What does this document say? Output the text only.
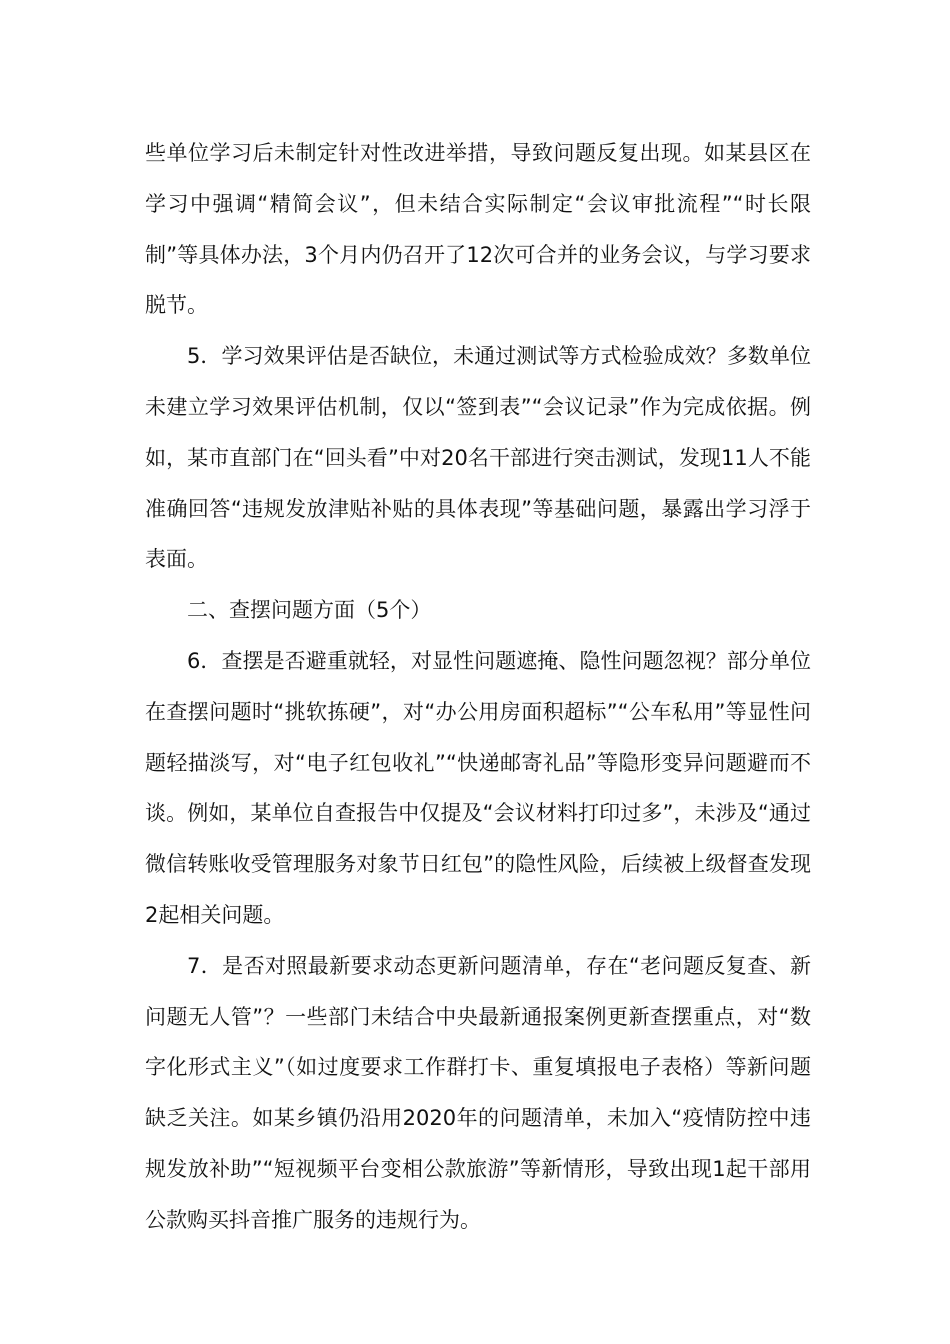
些单位学习后未制定针对性改进举措，导致问题反复出现。如某县区在学习中强调“精简会议”，但未结合实际制定“会议审批流程”“时长限制”等具体办法，3个月内仍召开了12次可合并的业务会议，与学习要求脱节。

5．学习效果评估是否缺位，未通过测试等方式检验成效？多数单位未建立学习效果评估机制，仅以“签到表”“会议记录”作为完成依据。例如，某市直部门在“回头看”中对20名干部进行突击测试，发现11人不能准确回答“违规发放津贴补贴的具体表现”等基础问题，暴露出学习浮于表面。

二、查摆问题方面（5个）

6．查摆是否避重就轻，对显性问题遮掩、隐性问题忽视？部分单位在查摆问题时“挑软拣硬”，对“办公用房面积超标”“公车私用”等显性问题轻描淡写，对“电子红包收礼”“快递邮寄礼品”等隐形变异问题避而不谈。例如，某单位自查报告中仅提及“会议材料打印过多”，未涉及“通过微信转账收受管理服务对象节日红包”的隐性风险，后续被上级督查发现2起相关问题。

7．是否对照最新要求动态更新问题清单，存在“老问题反复查、新问题无人管”？一些部门未结合中央最新通报案例更新查摆重点，对“数字化形式主义”（如过度要求工作群打卡、重复填报电子表格）等新问题缺乏关注。如某乡镇仍沿用2020年的问题清单，未加入“疫情防控中违规发放补助”“短视频平台变相公款旅游”等新情形，导致出现1起干部用公款购买抖音推广服务的违规行为。
